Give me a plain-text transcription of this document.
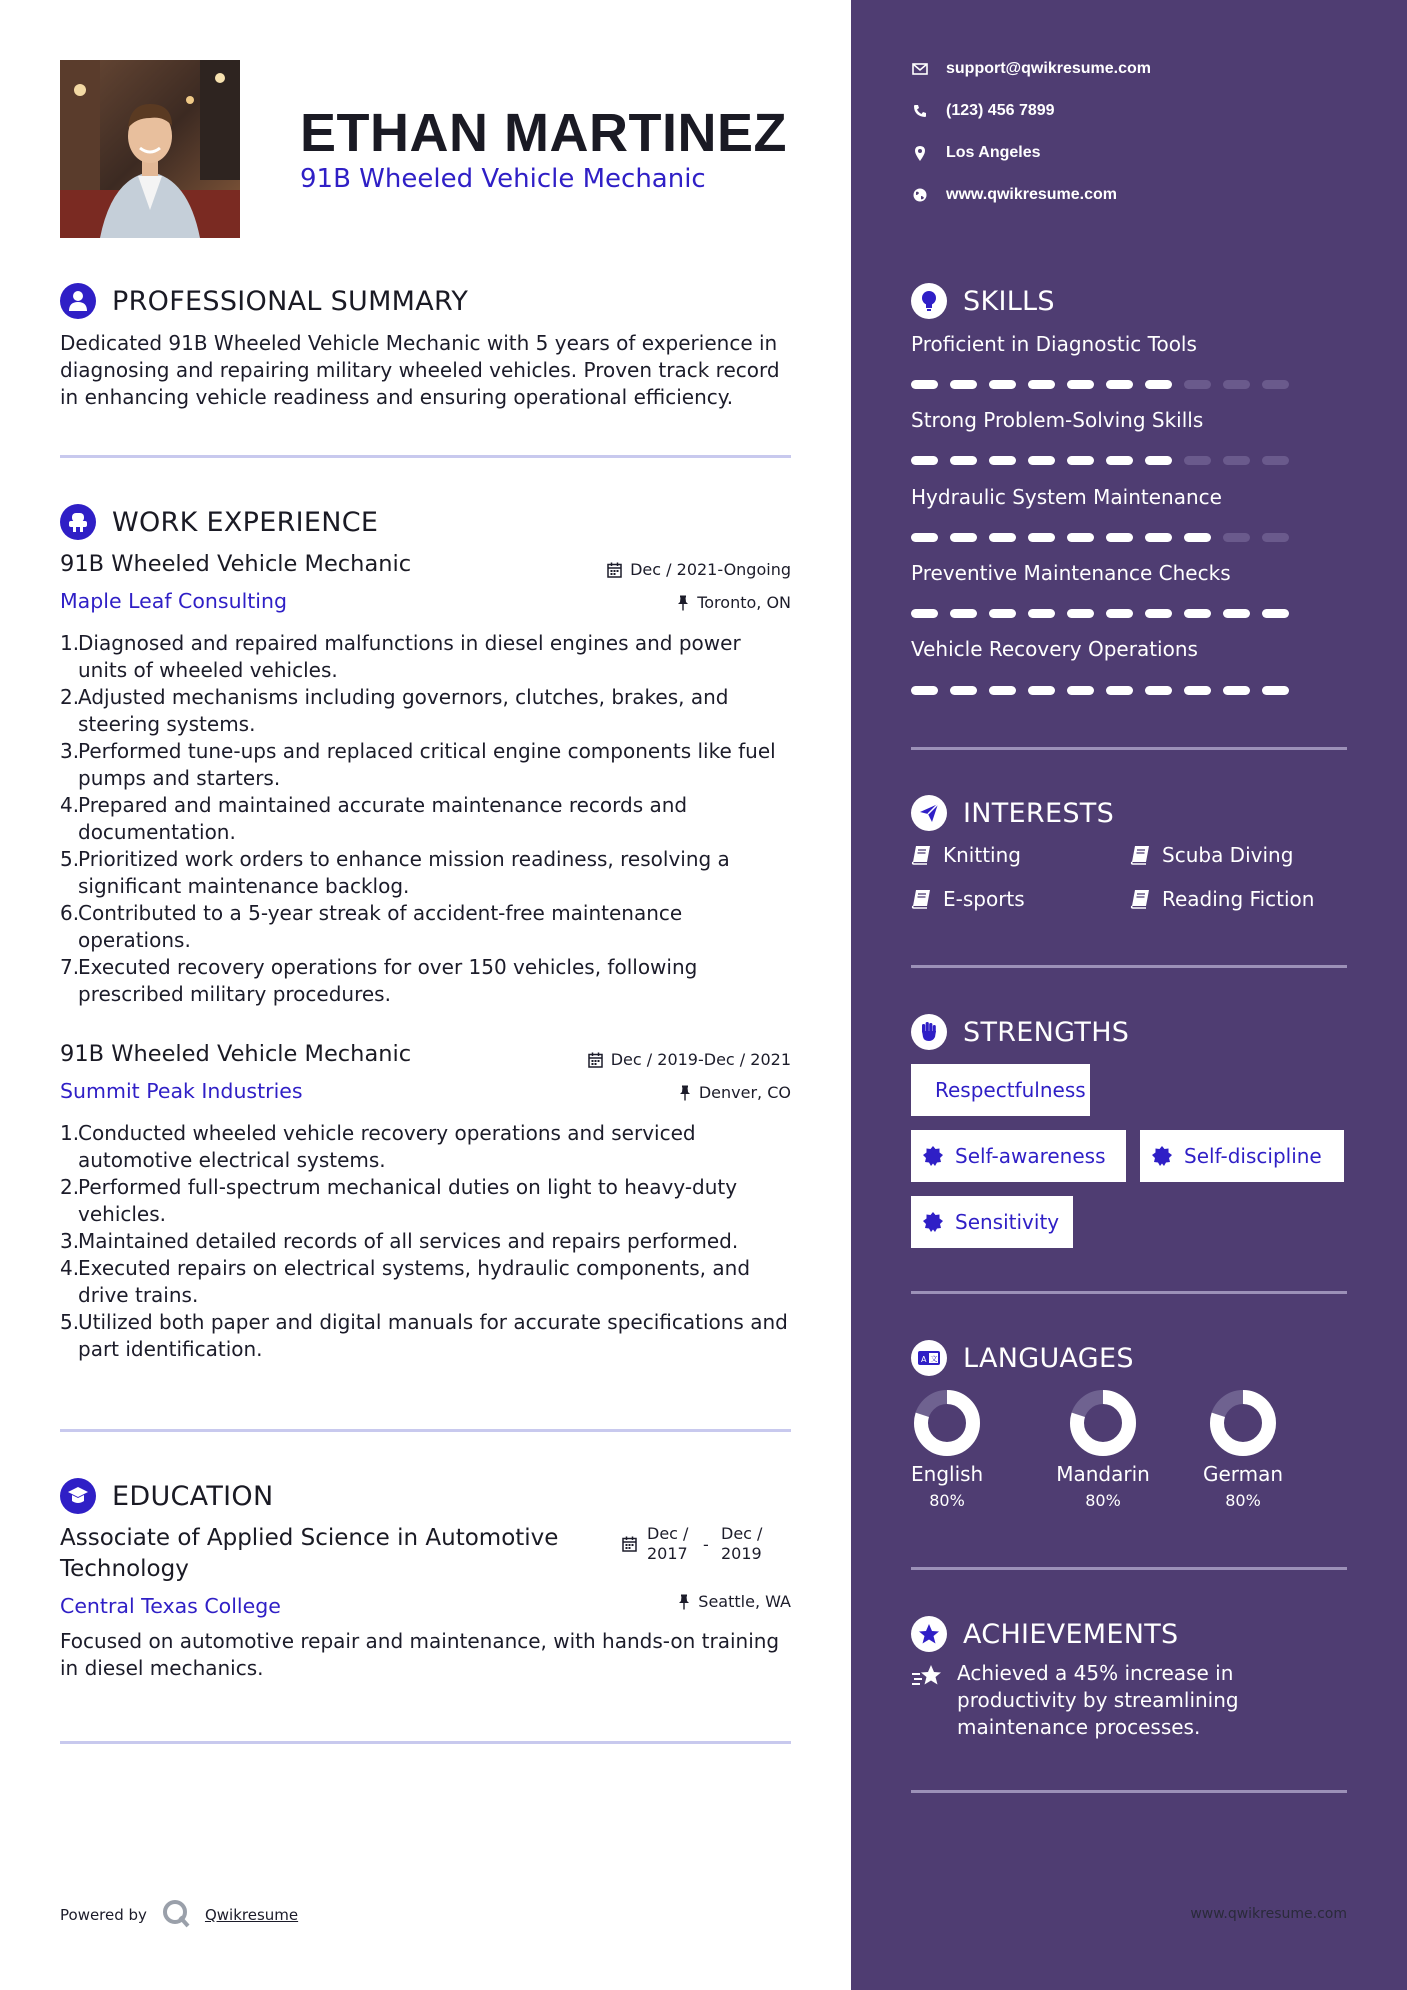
ETHAN MARTINEZ
91B Wheeled Vehicle Mechanic
PROFESSIONAL SUMMARY
Dedicated 91B Wheeled Vehicle Mechanic with 5 years of experience in diagnosing and repairing military wheeled vehicles. Proven track record in enhancing vehicle readiness and ensuring operational efficiency.
WORK EXPERIENCE
91B Wheeled Vehicle Mechanic	Dec / 2021-Ongoing
Maple Leaf Consulting	Toronto, ON
Diagnosed and repaired malfunctions in diesel engines and power units of wheeled vehicles.
Adjusted mechanisms including governors, clutches, brakes, and steering systems.
Performed tune-ups and replaced critical engine components like fuel pumps and starters.
Prepared and maintained accurate maintenance records and documentation.
Prioritized work orders to enhance mission readiness, resolving a significant maintenance backlog.
Contributed to a 5-year streak of accident-free maintenance operations.
Executed recovery operations for over 150 vehicles, following prescribed military procedures.
91B Wheeled Vehicle Mechanic	Dec / 2019-Dec / 2021
Summit Peak Industries	Denver, CO
Conducted wheeled vehicle recovery operations and serviced automotive electrical systems.
Performed full-spectrum mechanical duties on light to heavy-duty vehicles.
Maintained detailed records of all services and repairs performed.
Executed repairs on electrical systems, hydraulic components, and drive trains.
Utilized both paper and digital manuals for accurate specifications and part identification.
EDUCATION
Associate of Applied Science in Automotive Technology
Dec /
2017 -
Dec /
2019
Central Texas College	Seattle, WA
Focused on automotive repair and maintenance, with hands-on training in diesel mechanics.
Powered by	Qwikresume
support@qwikresume.com
(123) 456 7899
Los Angeles
www.qwikresume.com
SKILLS
Proficient in Diagnostic Tools
Strong Problem-Solving Skills
Hydraulic System Maintenance
Preventive Maintenance Checks
Vehicle Recovery Operations
INTERESTS
Knitting	Scuba Diving
E-sports	Reading Fiction
STRENGTHS
Respectfulness
Self-awareness	Self-discipline
Sensitivity
A 文 LANGUAGES
English
80%
Mandarin
80%
German
80%
ACHIEVEMENTS
Achieved a 45% increase in productivity by streamlining maintenance processes.
www.qwikresume.com
